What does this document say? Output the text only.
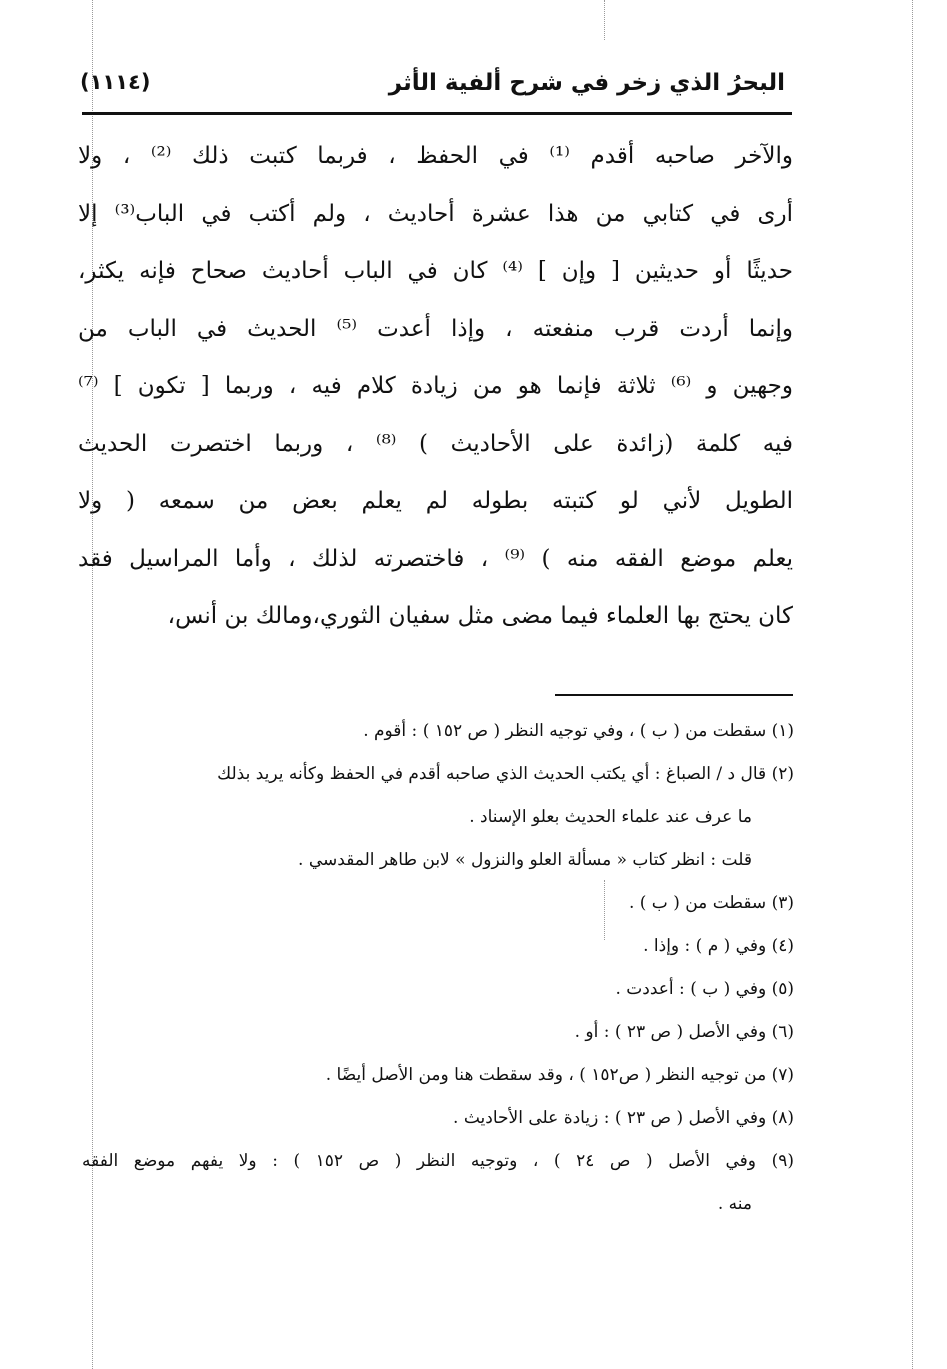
البحرُ الذي زخر في شرح ألفية الأثر
(١١١٤)
والآخر صاحبه أقدم ⁽¹⁾ في الحفظ ، فربما كتبت ذلك ⁽²⁾ ، ولا
أرى في كتابي من هذا عشرة أحاديث ، ولم أكتب في الباب⁽³⁾ إلا
حديثًا أو حديثين [ وإن ] ⁽⁴⁾ كان في الباب أحاديث صحاح فإنه يكثر،
وإنما أردت قرب منفعته ، وإذا أعدت ⁽⁵⁾ الحديث في الباب من
وجهين و ⁽⁶⁾ ثلاثة فإنما هو من زيادة كلام فيه ، وربما [ تكون ] ⁽⁷⁾
فيه كلمة (زائدة على الأحاديث ) ⁽⁸⁾ ، وربما اختصرت الحديث
الطويل لأني لو كتبته بطوله لم يعلم بعض من سمعه ( ولا
يعلم موضع الفقه منه ) ⁽⁹⁾ ، فاختصرته لذلك ، وأما المراسيل فقد
كان يحتج بها العلماء فيما مضى مثل سفيان الثوري،ومالك بن أنس،
(١) سقطت من ( ب ) ، وفي توجيه النظر ( ص ١٥٢ ) : أقوم .
(٢) قال د / الصباغ : أي يكتب الحديث الذي صاحبه أقدم في الحفظ وكأنه يريد بذلك
ما عرف عند علماء الحديث بعلو الإسناد .
قلت : انظر كتاب « مسألة العلو والنزول » لابن طاهر المقدسي .
(٣) سقطت من ( ب ) .
(٤) وفي ( م ) : وإذا .
(٥) وفي ( ب ) : أعددت .
(٦) وفي الأصل ( ص ٢٣ ) : أو .
(٧) من توجيه النظر ( ص١٥٢ ) ، وقد سقطت هنا ومن الأصل أيضًا .
(٨) وفي الأصل ( ص ٢٣ ) : زيادة على الأحاديث .
(٩) وفي الأصل ( ص ٢٤ ) ، وتوجيه النظر ( ص ١٥٢ ) : ولا يفهم موضع الفقه
منه .
